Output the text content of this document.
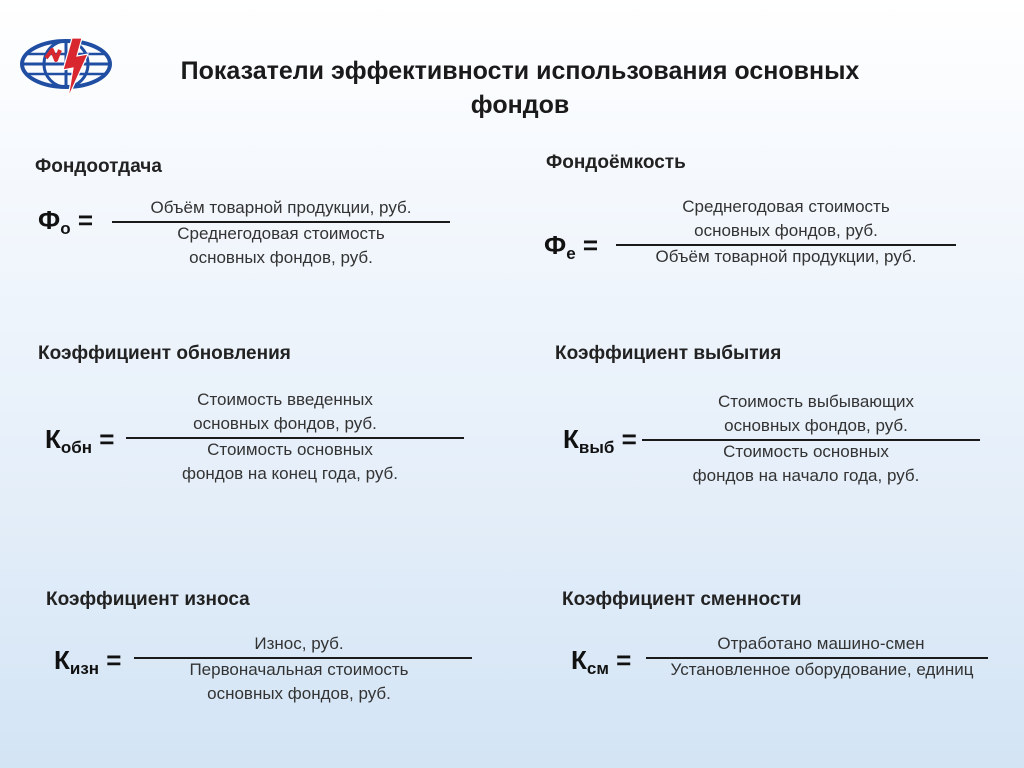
Показатели эффективности использования основных
фондов
Фондоотдача
$Ф_о$ =	Объём товарной продукции, руб.
Среднегодовая стоимость
основных фондов, руб.
Фондоёмкость
$Ф_е$ =
Среднегодовая стоимость
основных фондов, руб.
Объём товарной продукции, руб.
Коэффициент обновления
$К_{обн}$ =
Стоимость введенных
основных фондов, руб.
Стоимость основных
фондов на конец года, руб.
Коэффициент выбытия
$К_{выб}$ =
Стоимость выбывающих
основных фондов, руб.
Стоимость основных
фондов на начало года, руб.
Коэффициент износа
$К_{изн}$ =
Износ, руб.
Первоначальная стоимость
основных фондов, руб.
Коэффициент сменности
$К_{см}$ =
Отработано машино-смен
Установленное оборудование, единиц
